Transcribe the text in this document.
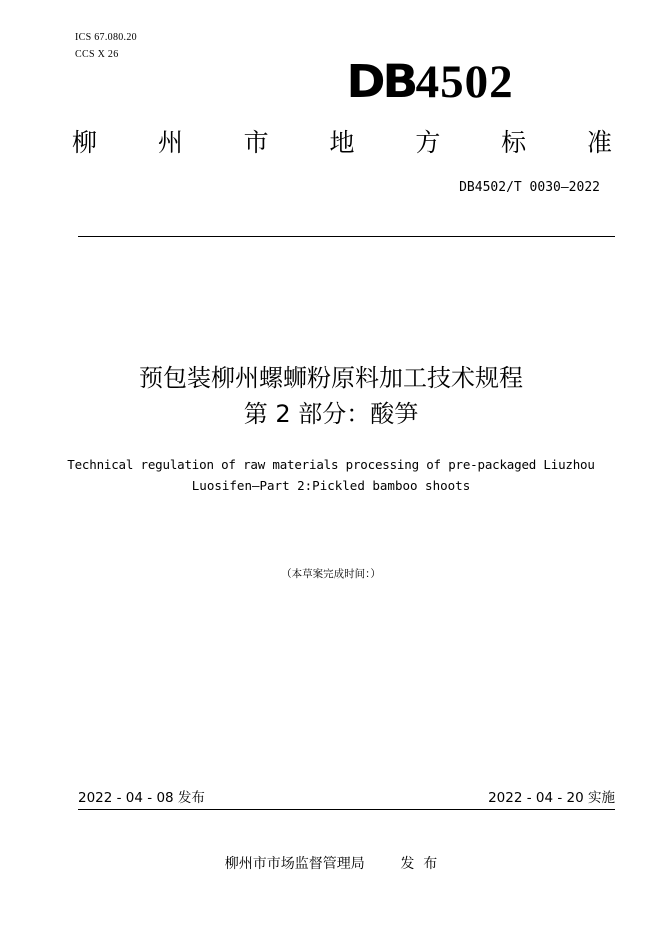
ICS 67.080.20
CCS X 26
DB4502
柳 州 市 地 方 标 准
DB4502/T 0030—2022
预包装柳州螺蛳粉原料加工技术规程
第 2 部分：酸笋
Technical regulation of raw materials processing of pre-packaged Liuzhou
Luosifen—Part 2:Pickled bamboo shoots
（本草案完成时间：）
2022 - 04 - 08 发布	2022 - 04 - 20 实施
柳州市市场监督管理局        发  布
